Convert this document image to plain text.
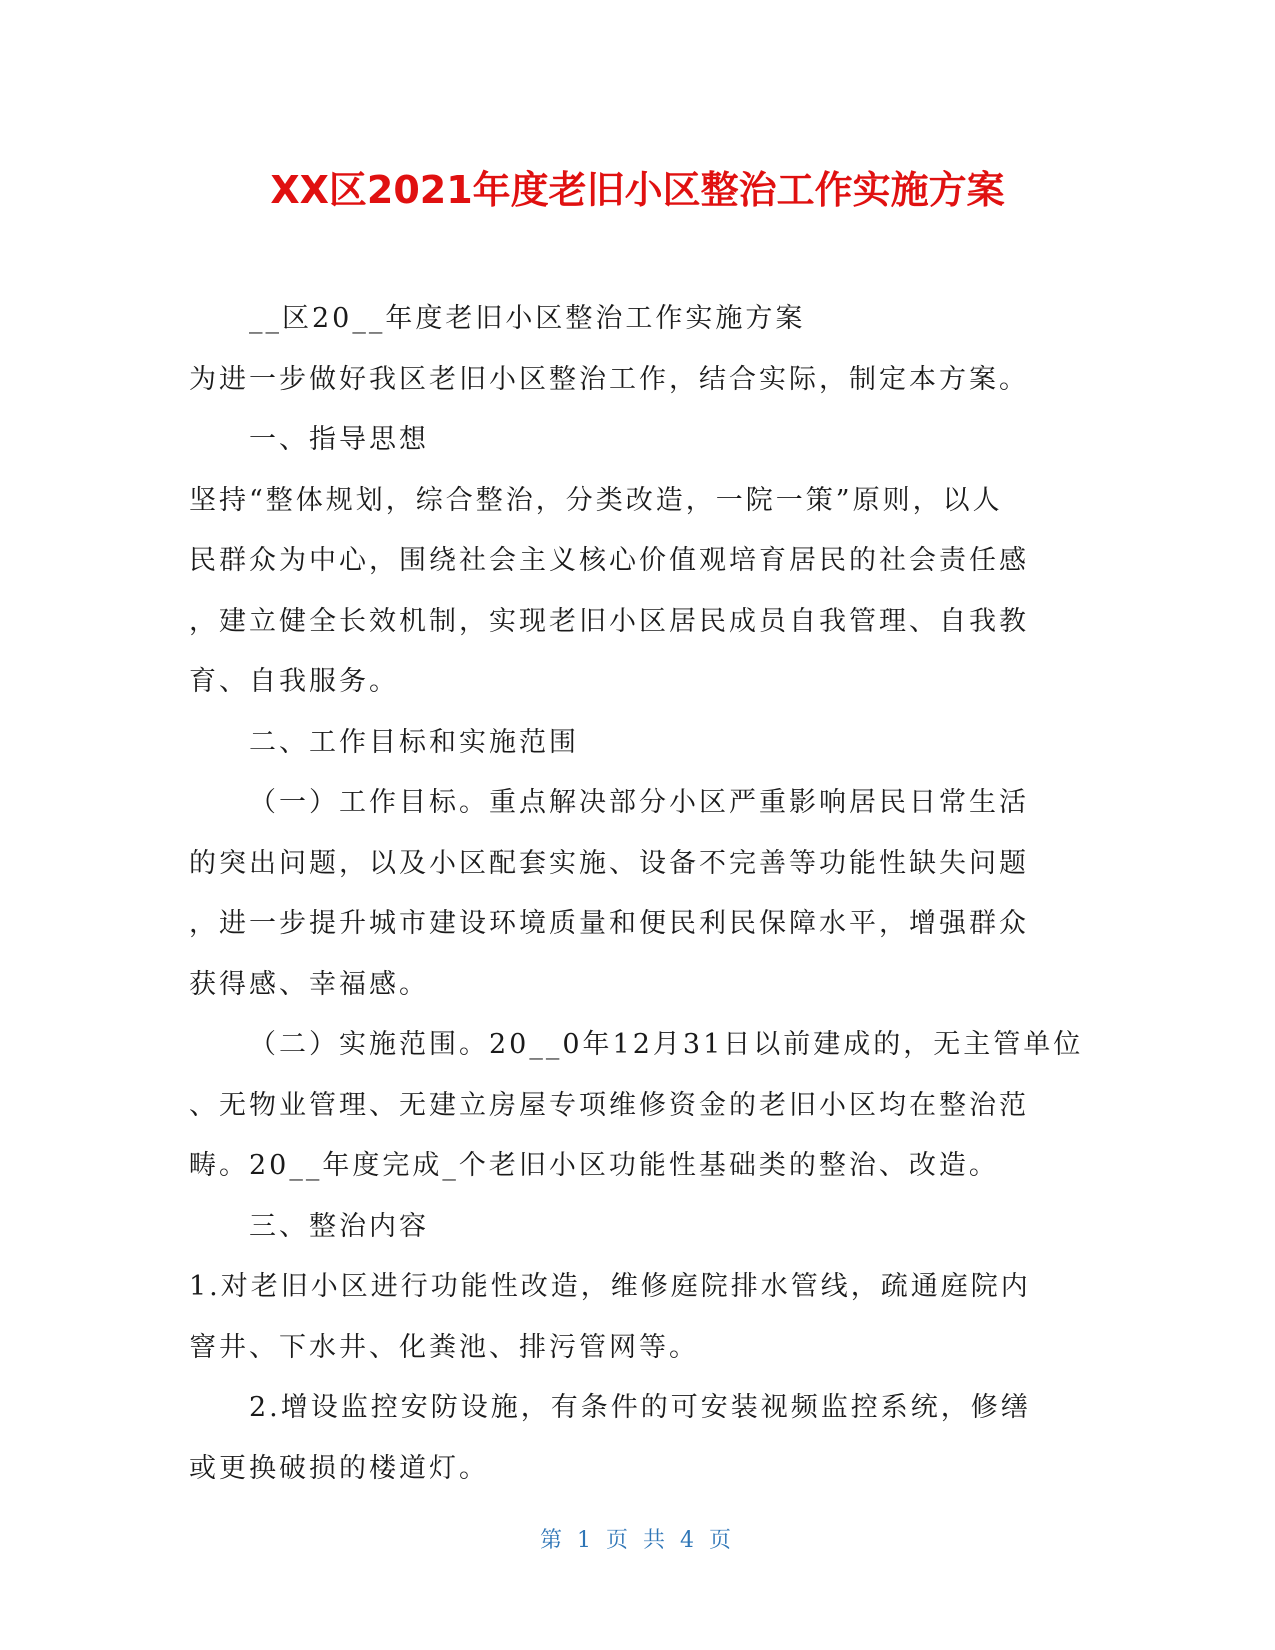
XX区2021年度老旧小区整治工作实施方案

__区20__年度老旧小区整治工作实施方案

为进一步做好我区老旧小区整治工作，结合实际，制定本方案。

一、指导思想

坚持“整体规划，综合整治，分类改造，一院一策”原则，以人

民群众为中心，围绕社会主义核心价值观培育居民的社会责任感

，建立健全长效机制，实现老旧小区居民成员自我管理、自我教

育、自我服务。

二、工作目标和实施范围

（一）工作目标。重点解决部分小区严重影响居民日常生活

的突出问题，以及小区配套实施、设备不完善等功能性缺失问题

，进一步提升城市建设环境质量和便民利民保障水平，增强群众

获得感、幸福感。

（二）实施范围。20__0年12月31日以前建成的，无主管单位

、无物业管理、无建立房屋专项维修资金的老旧小区均在整治范

畴。20__年度完成_个老旧小区功能性基础类的整治、改造。

三、整治内容

1.对老旧小区进行功能性改造，维修庭院排水管线，疏通庭院内

窨井、下水井、化粪池、排污管网等。

2.增设监控安防设施，有条件的可安装视频监控系统，修缮

或更换破损的楼道灯。

第 1 页 共 4 页
